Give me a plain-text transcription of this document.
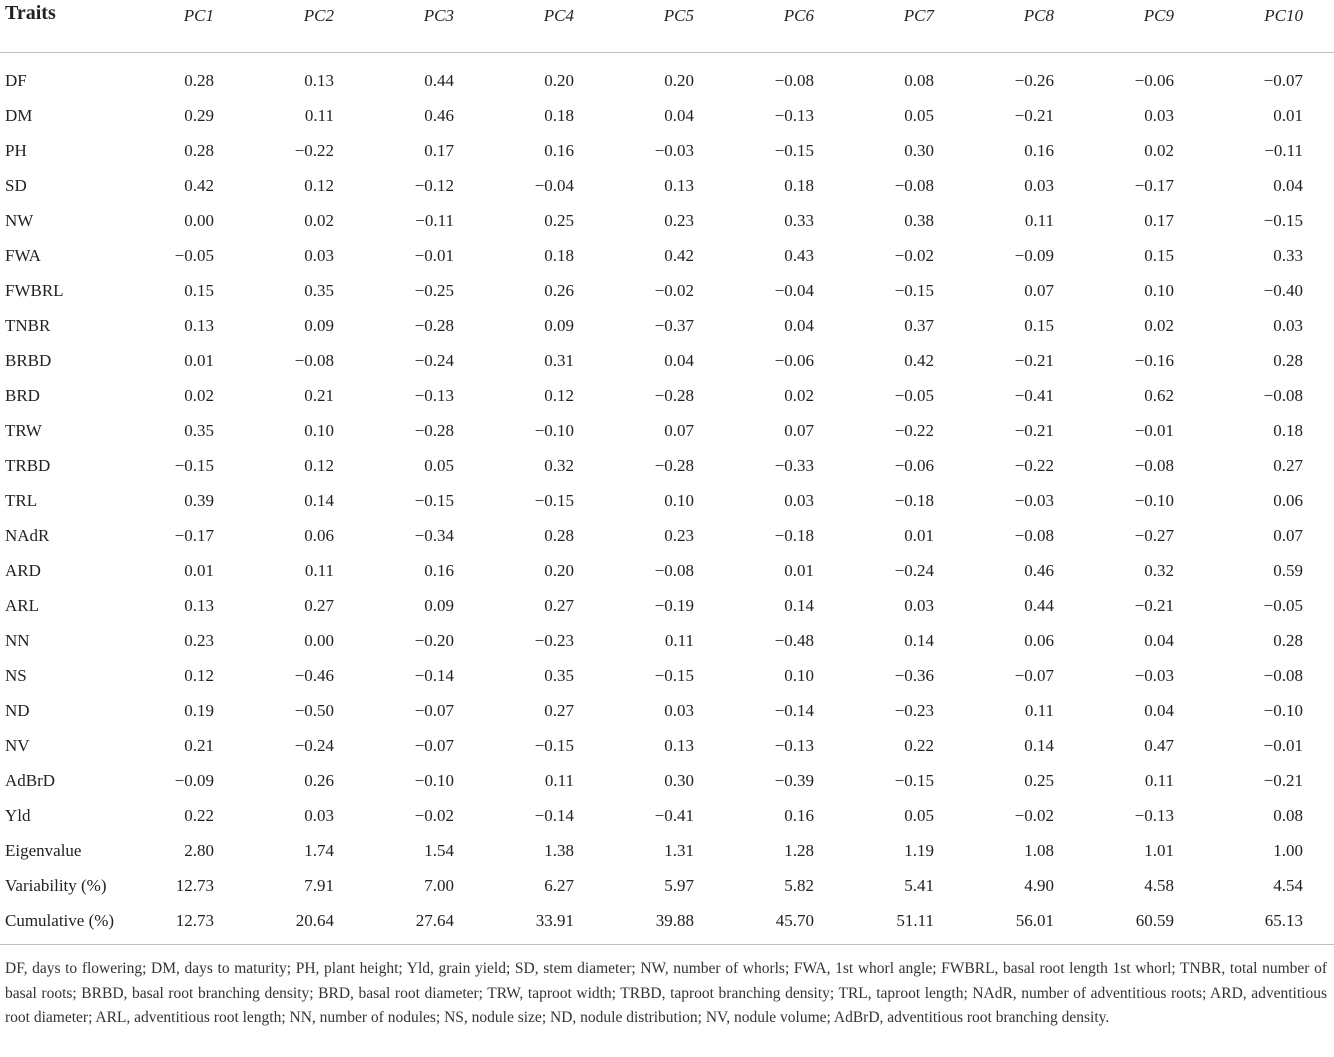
Traits	PC1	PC2	PC3	PC4	PC5	PC6	PC7	PC8	PC9	PC10

DF	0.28	0.13	0.44	0.20	0.20	−0.08	0.08	−0.26	−0.06	−0.07
DM	0.29	0.11	0.46	0.18	0.04	−0.13	0.05	−0.21	0.03	0.01
PH	0.28	−0.22	0.17	0.16	−0.03	−0.15	0.30	0.16	0.02	−0.11
SD	0.42	0.12	−0.12	−0.04	0.13	0.18	−0.08	0.03	−0.17	0.04
NW	0.00	0.02	−0.11	0.25	0.23	0.33	0.38	0.11	0.17	−0.15
FWA	−0.05	0.03	−0.01	0.18	0.42	0.43	−0.02	−0.09	0.15	0.33
FWBRL	0.15	0.35	−0.25	0.26	−0.02	−0.04	−0.15	0.07	0.10	−0.40
TNBR	0.13	0.09	−0.28	0.09	−0.37	0.04	0.37	0.15	0.02	0.03
BRBD	0.01	−0.08	−0.24	0.31	0.04	−0.06	0.42	−0.21	−0.16	0.28
BRD	0.02	0.21	−0.13	0.12	−0.28	0.02	−0.05	−0.41	0.62	−0.08
TRW	0.35	0.10	−0.28	−0.10	0.07	0.07	−0.22	−0.21	−0.01	0.18
TRBD	−0.15	0.12	0.05	0.32	−0.28	−0.33	−0.06	−0.22	−0.08	0.27
TRL	0.39	0.14	−0.15	−0.15	0.10	0.03	−0.18	−0.03	−0.10	0.06
NAdR	−0.17	0.06	−0.34	0.28	0.23	−0.18	0.01	−0.08	−0.27	0.07
ARD	0.01	0.11	0.16	0.20	−0.08	0.01	−0.24	0.46	0.32	0.59
ARL	0.13	0.27	0.09	0.27	−0.19	0.14	0.03	0.44	−0.21	−0.05
NN	0.23	0.00	−0.20	−0.23	0.11	−0.48	0.14	0.06	0.04	0.28
NS	0.12	−0.46	−0.14	0.35	−0.15	0.10	−0.36	−0.07	−0.03	−0.08
ND	0.19	−0.50	−0.07	0.27	0.03	−0.14	−0.23	0.11	0.04	−0.10
NV	0.21	−0.24	−0.07	−0.15	0.13	−0.13	0.22	0.14	0.47	−0.01
AdBrD	−0.09	0.26	−0.10	0.11	0.30	−0.39	−0.15	0.25	0.11	−0.21
Yld	0.22	0.03	−0.02	−0.14	−0.41	0.16	0.05	−0.02	−0.13	0.08
Eigenvalue	2.80	1.74	1.54	1.38	1.31	1.28	1.19	1.08	1.01	1.00
Variability (%)	12.73	7.91	7.00	6.27	5.97	5.82	5.41	4.90	4.58	4.54
Cumulative (%)	12.73	20.64	27.64	33.91	39.88	45.70	51.11	56.01	60.59	65.13
DF, days to flowering; DM, days to maturity; PH, plant height; Yld, grain yield; SD, stem diameter; NW, number of whorls; FWA, 1st whorl angle; FWBRL, basal root length 1st whorl; TNBR, total number of basal roots; BRBD, basal root branching density; BRD, basal root diameter; TRW, taproot width; TRBD, taproot branching density; TRL, taproot length; NAdR, number of adventitious roots; ARD, adventitious root diameter; ARL, adventitious root length; NN, number of nodules; NS, nodule size; ND, nodule distribution; NV, nodule volume; AdBrD, adventitious root branching density.
